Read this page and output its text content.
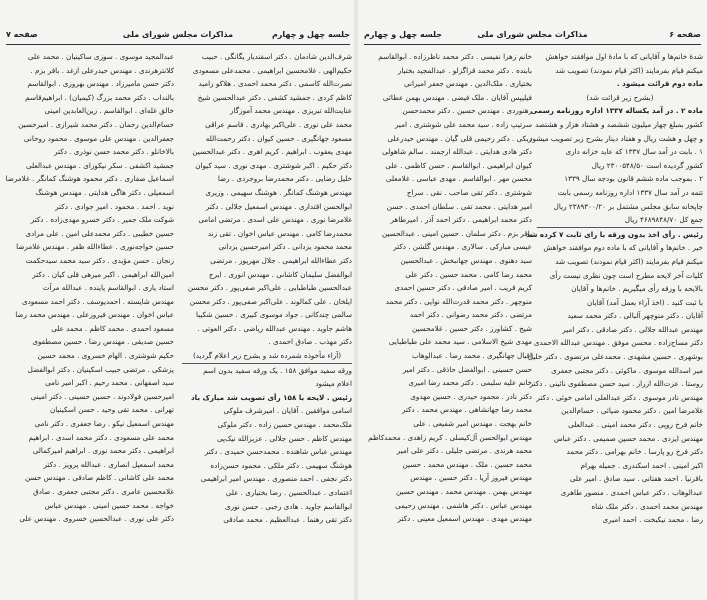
جلسه چهل و چهارم
مذاکرات مجلس شورای ملی
صفحه ۷
شرف‌الدین شادمان . دکتر اسفندیار یگانگی . حبیب
حکیم‌الهی . غلامحسین ابراهیمی . محمدعلی مسعودی
نصرت‌الله کاسمی . دکتر محمد احمدی . هلاکو رامبد
کاظم کردی . جمشید کشفی . دکتر عبدالحسین شیخ
عنایت‌الله تبریزی . مهندس محمد آموزگار
محمد علی نوری . علی‌اکبر بهادری . قاسم عراقی
مسعود جهانگیری . حسین کیوان . دکتر رحمت‌الله
مهدی یعقوب . ابراهیم . کریم اهری . دکتر عبدالحسین
دکتر حکیم . اکبر شوشتری . مهدی نوری . سید کیوان
خلیل رضایی . دکتر محمدرضا بروجردی . رضا
مهندس هوشنگ کمانگر . هوشنگ سهیمی . وزیری
ابوالحسن اقتداری . مهندس اسمعیل جلالی . دکتر
غلامرضا نوری . مهندس علی اسدی . مرتضی امامی
محمدرضا کامی . مهندس عباس اخوان . تقی زند
محمد محمود یزدانی . دکتر امیرحسین یزدانی
دکتر عطاءالله ابراهیمی . جلال مهرپور . مرتضی
ابوالفضل سلیمان کاشانی . مهندس انوری . ایرج
عبدالحسین طباطبایی . علی‌اکبر صفی‌پور . دکتر محسن
ایلخان . علی کمالوند . علی‌اکبر صفی‌پور . دکتر محسن
سالمی چندکانی . جواد موسوی کبیری . حسین شکیبا
هاشم جاوید . مهندس عبدالله ریاضی . دکتر العوتی .
دکتر مهذب . صادق احمدی .
(آراء مأخوذه شمرده شد و بشرح زیر اعلام گردید)
ورقه سفید موافق ۱۵۸ . یک ورقه سفید بدون اسم
اعلام میشود
رئیس . لایحه با ۱۵۸ رأی تصویب شد مبارک باد
اسامی موافقین . آقایان . امیرشرف ملوکی
ملک‌محمد . مهندس حسین زاده . دکتر ملوکی
مهندس کاظم . حسن جلالی . عزیزالله نیک‌پی
مهندس عباس شاهنده . محمدحسن حمیدی . دکتر
هوشنگ سهیمی . دکتر ملکی . محمود حسن‌زاده
دکتر نجفی . احمد منصوری . مهندس امیر ابراهیمی
اعتمادی . عبدالحسین . رضا بختیاری . علی
ابوالقاسم جاوید . هادی رجبی . حسن نوری
دکتر تقی رهنما . عبدالعظیم . محمد صادقی
عبدالمجید موسوی . سوزی ساکینیان . محمد علی
کلانترهرندی . مهندس حیدرعلی ازغد . باقر بزم .
دکتر حسن مامیرزاد . مهندس بهروزی . ابوالقاسم
بالنداب . دکتر محمد بزرگ (کیمیان) . ابراهیم‌قاسم
خالق غله‌ای . ابوالقاسم . زین‌العابدین امینی
حسام‌الدین رحمان . دکتر محمد شیرازی . امیرحسین
جعفرالدین . مهندس علی موسوی . محمود روحانی
بالاخانلو . دکتر محمد حسن نوذری . دکتر
جمشید اکشفی . سکر نیکوزای . مهندس عبدالعلی
اسماعیل صفاری . دکتر محمود هوشنگ کمانگر . غلامرضا
اسمعیلی . دکتر هاگی هدایتی . مهندس هوشنگ
نوید . احمد . محمود . امیر جوادی . دکتر
شوکت ملک جمیر . دکتر خسرو مهدی‌زاده . دکتر
حسین خطیبی . دکتر محمدعلی امین . علی مرادی
حسین خواجه‌نوری . عطاءالله ظفر . مهندس غلامرضا
زنجان . حسن مؤیدی . دکتر سید محمد سیدحکمت
امین‌الله ابراهیمی . اکبر میرهی قلی کیان . دکتر
استاد یاری . ابوالقاسم پاینده . عبدالله مرآت
مهندس شایسته . احمدیوسف . دکتر احمد مسعودی
عباس اخوان . مهندس فیروزعلی . مهندس محمد رضا
مسعود احمدی . محمد کاظم . محمد علی
حسین صدیقی . مهندس رضا . حسین مصطفوی
حکیم شوشتری . الهام خسروی . محمد حسین
پزشکی . مرتضی حبیب اسکینیان . دکتر ابوالفضل
سید اصفهانی . محمد رحیم . اکبر امیر نامی
امیرحسین فولادوند . حسین حسینی . دکتر امینی
تهرانی . محمد تقی وحید . حسن اسکینیان
مهندس اسمعیل نیکو . رضا جعفری . دکتر نامی
محمد علی مسعودی . دکتر محمد اسدی . ابراهیم
ابراهیمی . دکتر محمد نوری . ابراهیم امیرکمالی
محمد اسمعیل انصاری . عبدالله پرویز . دکتر
محمد علی کاشانی . کاظم صادقی . مهندس حسن
غلامحسین عامری . دکتر مجتبی جعفری . صادق
خواجه . محمد حسین امینی . مهندس عباس
دکتر علی نوری . عبدالحسین خسروی . مهندس علی
صفحه ۶
مذاکرات مجلس شورای ملی
جلسه چهل و چهارم
شدهٔ خانم‌ها و آقایانی که با مادهٔ اول موافقند خواهش
میکنم قیام بفرمایند (اکثر قیام نمودند) تصویب شد
ماده دوم قرائت میشود .
(بشرح زیر قرائت شد)
ماده ۲ . در آمد یکساله ۱۳۳۷ اداره روزنامه رسمی
کشور بمبلغ چهار میلیون ششصد و هشتاد هزار و هشتصد
و چهل و هشت ریال و هفتاد دینار بشرح زیر تصویب میشود
۱ . بابت در آمد سال ۱۳۳۷ که عاید خزانه داری
کشور گردیده است ۲۳۰۰۵۴۸/۵۰ ریال
۲ . بموجب ماده ششم قانون بودجه سال ۱۳۳۹
تتمه در آمد سال ۱۳۳۷ اداره روزنامه رسمی بابت
چاپخانه سابق مجلس مشتمل بر ۲۳۸۹۳۰۰/۲۰ ریال
جمع کل ۴۶۸۹۸۴۸/۷۰ ریال
رئیس . رأی اخذ بدون ورقه با رای ثابت ۷ کرده شد
خیر . خانم‌ها و آقایانی که با ماده دوم موافقند خواهش
میکنم قیام بفرمایند (اکثر قیام نمودند) تصویب شد
کلیات آخر لایحه مطرح است چون نظری نیست رأی
بالایحه با ورقه رأی میگیریم . خانم‌ها و آقایان
با ثبت کنید . (اخذ آراء بعمل آمد) آقایان
آقایان . دکتر منوچهر آلبالی . دکتر محمد سعید
مهندس عبدالله جلالی . دکتر صادقی . دکتر امیر
دکتر مساح‌زاده . محسن موفق . مهندس عبدالله الاحمدی
بوشهری . حسین مشهدی . محمدعلی مرتضوی . دکتر خلیل
میر اسدالله موسوی . ماکوئی . دکتر مجتبی جعفری
روستا . عزت‌الله ازراز . سید حسن مصطفوی نائینی . دکتر
مهندس نادر موسوی . دکتر عبدالعلی امامی خوئی . دکتر
غلامرضا امین . دکتر محمود ضیائی . حسام‌الدین
خانم فرخ رویی . دکتر محمد امینی . عبدالعلی
مهندس ایزدی . محمد حسین صمیمی . دکتر عباس
دکتر فرخ رو پارسا . خانم بهرامی . دکتر محمد
اکبر امینی . احمد اسکندری . جمیله بهرام
باقرنیا . احمد هفتانی . سید صادق . امیر علی
عبدالوهاب . دکتر عباس احمدی . منصور طاهری
مهندس محمد احمدی . دکتر ملک شاه
رضا . محمد نیکبخت . احمد امیری
خانم زهرا نفیسی . دکتر محمد ناظرزاده . ابوالقاسم
بابنده . دکتر محمد قراگزلو . عبدالمجید بختیار
بختیاری . ملک‌الدین . مهندس جعفر امیرانی
فیلیپس آقایان . ملک فیضی . مهندس بهمن عطائی
رهنوردی . مهندس حسین . دکتر محمدحسن
سرتیپ زاده . سید محمد علی شوشتری . امیر
ریکی . دکتر رحیمی قلی گیان . مهندس حیدرعلی
دکتر هادی هدایتی . عبدالله ارجمند . سالم شاهولی
کیوان ابراهیمی . ابوالقاسم . حسن کاظمی . علی
محسن مهر . ابوالقاسم . مهدی عباسی . غلامعلی
شوشتری . دکتر تقی صاحب . نقی . سراج
امیر هدایتی . محمد تقی . سلطان احمدی . حسن
دکتر محمد ابراهیمی . دکتر احمد آذر . امیرطاهر
باقر بزم . دکتر سلمان . حسین امینی . عبدالحسین
عیسی مبارکی . سالاری . مهندس گلشن . دکتر
سید دهنوی . مهندس جهانبخش . عبدالحسین
محمد رضا کامی . محمد حسین . دکتر علی
کریم قریب . امیر صادقی . دکتر حسین احمدی
منوچهر . دکتر محمد قدرت‌الله نوایی . دکتر محمد
مرتضی . دکتر محمد رضوانی . دکتر احمد
شیخ . کشاورز . دکتر حسین . غلامحسین
مهدی شیخ الاسلامی . سید محمد علی طباطبایی
اقبال جهانگیری . محمد رضا . عبدالوهاب
حسن حسینی . ابوالفضل حاذقی . دکتر امیر
خانم علیه سلیمی . دکتر محمد رضا امیری
دکتر نادر . محمود حیدری . حسین مهدوی
محمد رضا جهانشاهی . مهندس محمد . دکتر
خانم بهجت . مهندس امیر شفیعی . علی
مهندس ابوالحسن آل‌کیسلی . کریم زاهدی . محمدکاظم
محمد هرندی . مرتضی جلیلی . دکتر علی امیر
محمد حسین . ملک . مهندس محمد . حسین
مهندس فیروز آریا . دکتر حسین . مهندس
مهندس بهمن . مهندس محمد . مهندس حسین
مهندس عباس . دکتر هاشمی . مهندس رحیمی
مهندس مهدی . مهندس اسمعیل معینی . دکتر
